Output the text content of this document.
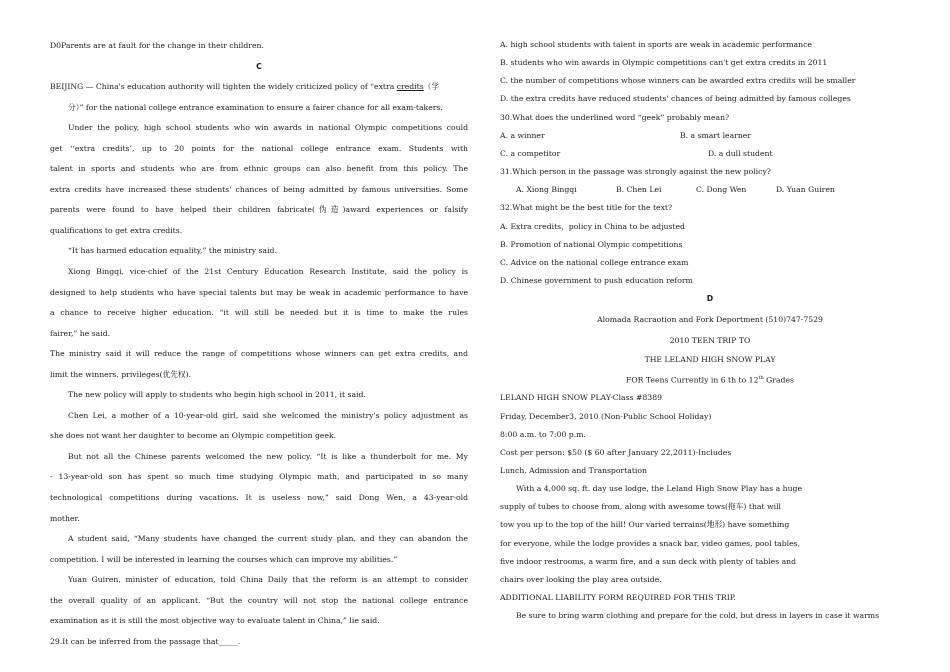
D0Parents are at fault for the change in their children.

C

BEIJING — China's education authority will tighten the widely criticized policy of “extra credits（学

分）” for the national college entrance examination to ensure a fairer chance for all exam-takers.

Under the policy, high school students who win awards in national Olympic competitions could

get ‘‘extra credits’, up to 20 points for the national college entrance exam. Students with

talent in sports and students who are from ethnic groups can also benefit from this policy. The

extra credits have increased these students' chances of being admitted by famous universities. Some

parents were found to have helped their children fabricate(伪造)award experiences or falsify

qualifications to get extra credits.

“It has harmed education equality,” the ministry said.

Xiong Bingqi, vice-chief of the 21st Century Education Research Institute, said the policy is

designed to help students who have special talents but may be weak in academic performance to have

a chance to receive higher education. “it will still be needed but it is time to make the rules

fairer,” he said.

The ministry said it will reduce the range of competitions whose winners can get extra credits, and

limit the winners, privileges(优先权).

The new policy will apply to students who begin high school in 2011, it said.

Chen Lei, a mother of a 10-year-old girl, said she welcomed the ministry's policy adjustment as

she does not want her daughter to become an Olympic competition geek.

But not all the Chinese parents welcomed the new policy. “It is like a thunderbolt for me. My

- 13-year-old son has spent so much time studying Olympic math, and participated in so many

technological competitions during vacations. It is useless now,” said Dong Wen, a 43-year-old

mother.

A student said, “Many students have changed the current study plan, and they can abandon the

competition. I will be interested in learning the courses which can improve my abilities.”

Yuan Guiren, minister of education, told China Daily that the reform is an attempt to consider

the overall quality of an applicant. “But the country will not stop the national college entrance

examination as it is still the most objective way to evaluate talent in China,” lie said.

29.It can be inferred from the passage that_____.

A. high school students with talent in sports are weak in academic performance

B. students who win awards in Olympic competitions can't get extra credits in 2011

C. the number of competitions whose winners can be awarded extra credits will be smaller

D. the extra credits have reduced students' chances of being admitted by famous colleges

30.What does the underlined word “geek” probably mean?

A. a winner	B. a smart learner

C. a competitor	D. a dull student

31.Which person in the passage was strongly against the new policy?

A. Xiong Bingqi	B. Chen Lei	C. Dong Wen	D. Yuan Guiren

32.What might be the best title for the text?

A. Extra credits，policy in China to be adjusted

B. Promotion of national Olympic competitions

C. Advice on the national college entrance exam

D. Chinese government to push education reform

D

Alomada Racraotion and Fork Deportment (510)747-7529

2010 TEEN TRIP TO

THE LELAND HIGH SNOW PLAY

FOR Teens Currently in 6 th to 12th Grades

LELAND HIGH SNOW PLAY-Class #8389

Friday, December3, 2010 (Non-Public School Holiday)

8:00 a.m. to 7:00 p.m.

Cost per person: $50 ($ 60 after January 22,2011)-Includes

Lunch, Admission and Transportation

With a 4,000 sq. ft. day use lodge, the Leland High Snow Play has a huge

supply of tubes to choose from, along with awesome tows(拖车) that will

tow you up to the top of the hill! Our varied terrains(地形) have something

for everyone, while the lodge provides a snack bar, video games, pool tables,

five indoor restrooms, a warm fire, and a sun deck with plenty of tables and

chairs over looking the play area outside.

ADDITIONAL LIABILITY FORM REQUIRED FOR THIS TRIP.

Be sure to bring warm clothing and prepare for the cold, but dress in layers in case it warms
